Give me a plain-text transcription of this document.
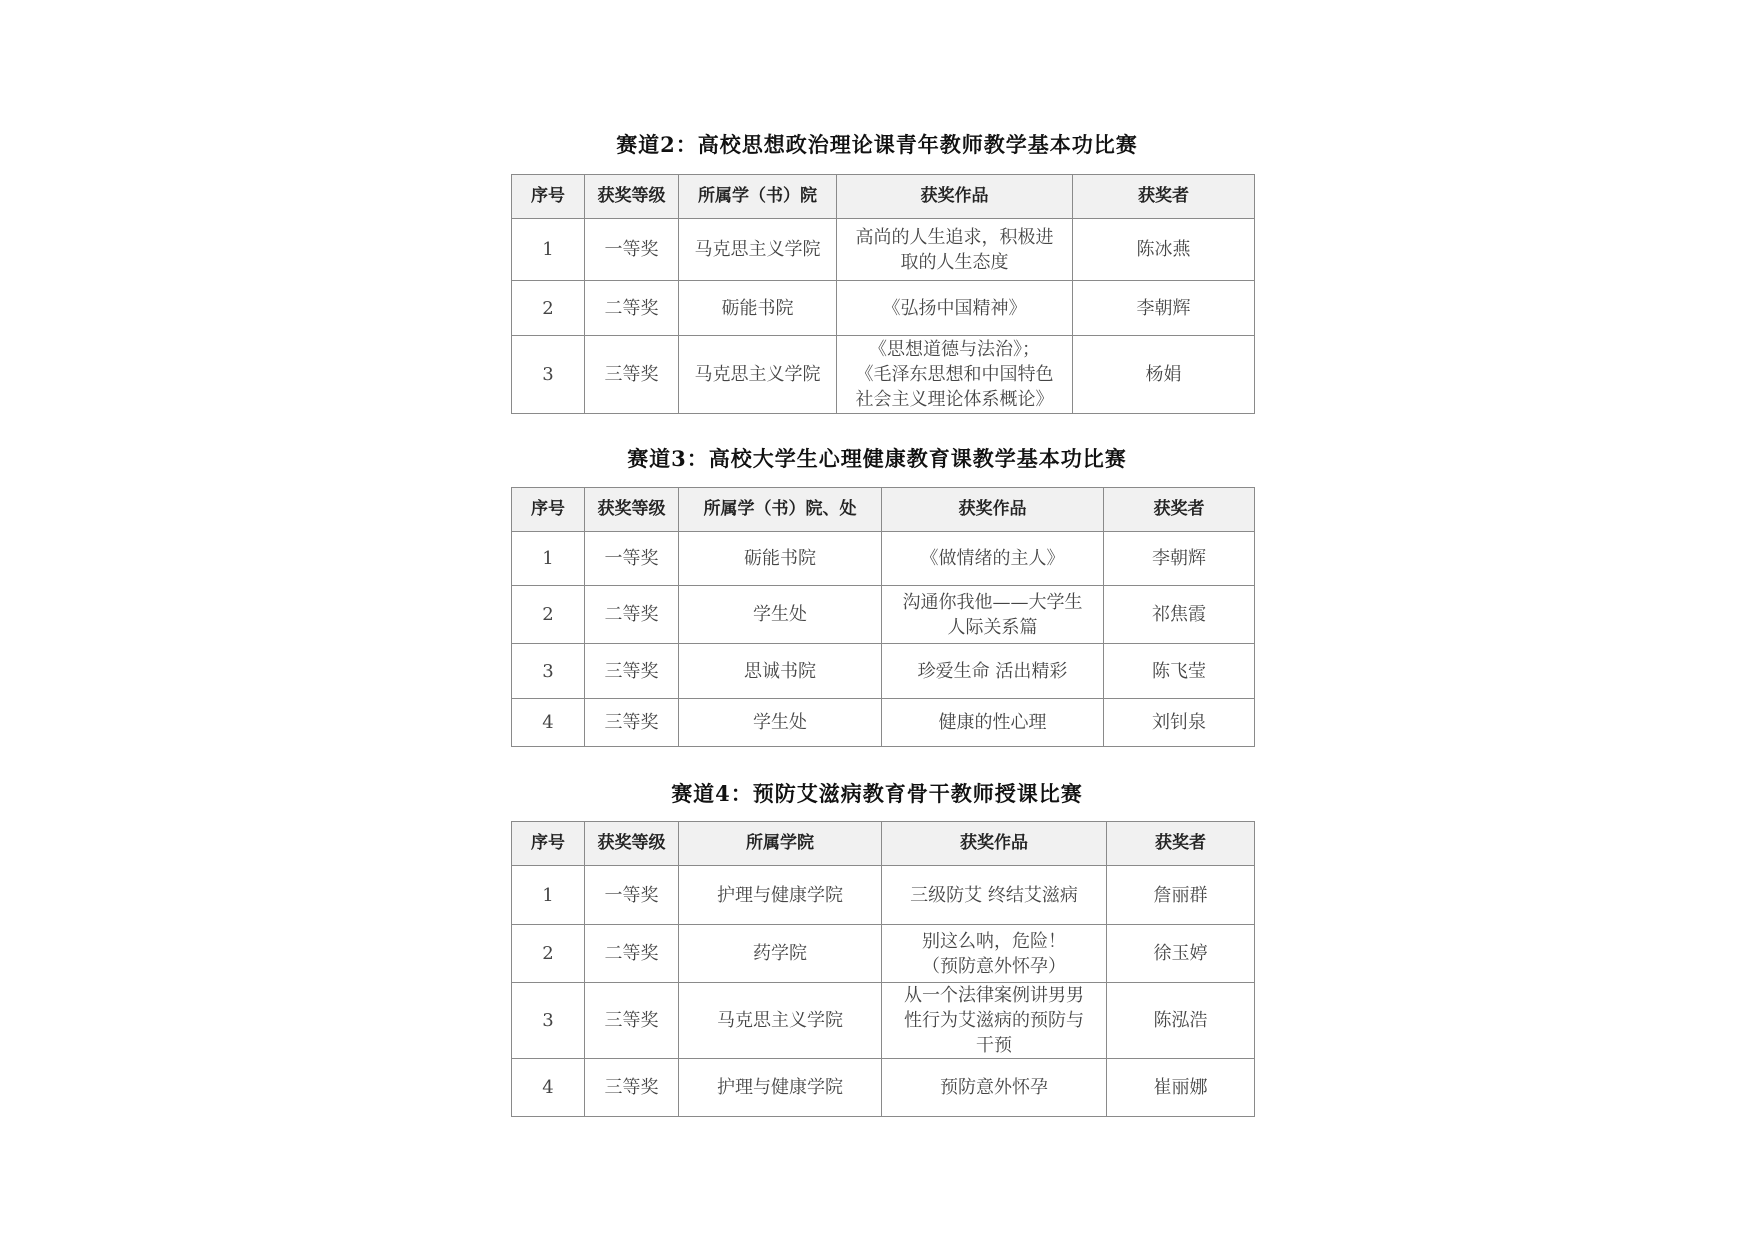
赛道2：高校思想政治理论课青年教师教学基本功比赛
序号	获奖等级	所属学（书）院	获奖作品	获奖者
1	一等奖	马克思主义学院	高尚的人生追求，积极进
取的人生态度	陈冰燕
2	二等奖	砺能书院	《弘扬中国精神》	李朝辉
3	三等奖	马克思主义学院	《思想道德与法治》；
《毛泽东思想和中国特色
社会主义理论体系概论》	杨娟
赛道3：高校大学生心理健康教育课教学基本功比赛
序号	获奖等级	所属学（书）院、处	获奖作品	获奖者
1	一等奖	砺能书院	《做情绪的主人》	李朝辉
2	二等奖	学生处	沟通你我他——大学生
人际关系篇	祁焦霞
3	三等奖	思诚书院	珍爱生命 活出精彩	陈飞莹
4	三等奖	学生处	健康的性心理	刘钊泉
赛道4：预防艾滋病教育骨干教师授课比赛
序号	获奖等级	所属学院	获奖作品	获奖者
1	一等奖	护理与健康学院	三级防艾 终结艾滋病	詹丽群
2	二等奖	药学院	别这么呐，危险！
（预防意外怀孕）	徐玉婷
3	三等奖	马克思主义学院	从一个法律案例讲男男
性行为艾滋病的预防与
干预	陈泓浩
4	三等奖	护理与健康学院	预防意外怀孕	崔丽娜
